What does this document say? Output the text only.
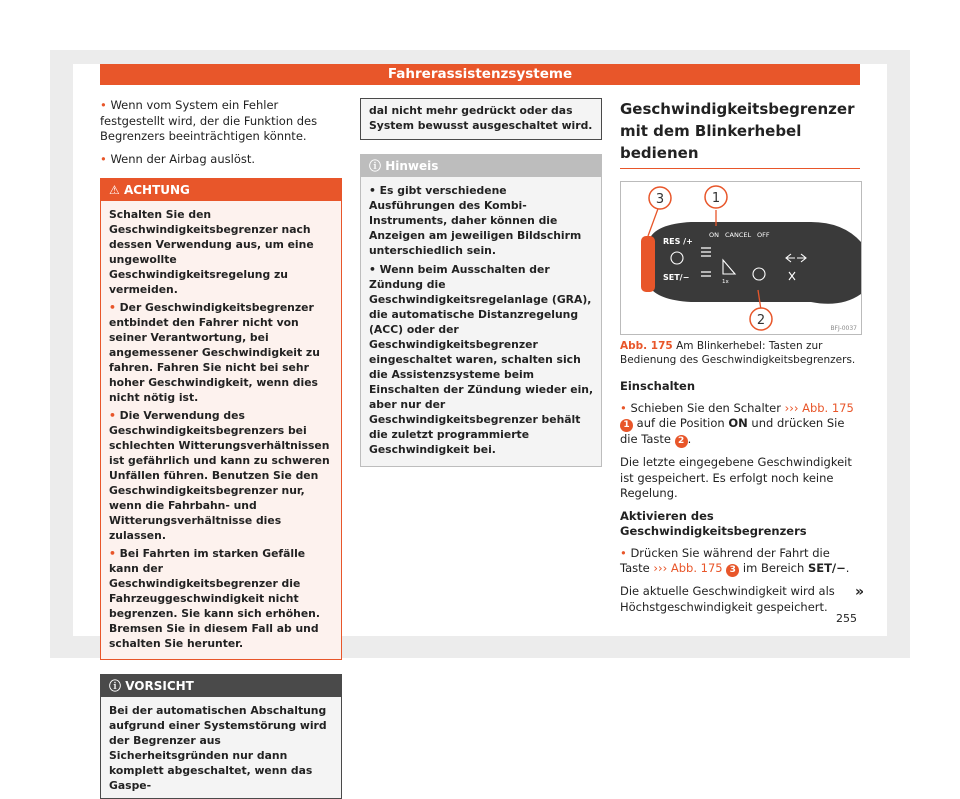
Fahrerassistenzsysteme

• Wenn vom System ein Fehler festgestellt wird, der die Funktion des Begrenzers beeinträchtigen könnte.

• Wenn der Airbag auslöst.

⚠ ACHTUNG

Schalten Sie den Geschwindigkeitsbegrenzer nach dessen Verwendung aus, um eine ungewollte Geschwindigkeitsregelung zu vermeiden.

• Der Geschwindigkeitsbegrenzer entbindet den Fahrer nicht von seiner Verantwortung, bei angemessener Geschwindigkeit zu fahren. Fahren Sie nicht bei sehr hoher Geschwindigkeit, wenn dies nicht nötig ist.

• Die Verwendung des Geschwindigkeitsbegrenzers bei schlechten Witterungsverhältnissen ist gefährlich und kann zu schweren Unfällen führen. Benutzen Sie den Geschwindigkeitsbegrenzer nur, wenn die Fahrbahn- und Witterungsverhältnisse dies zulassen.

• Bei Fahrten im starken Gefälle kann der Geschwindigkeitsbegrenzer die Fahrzeuggeschwindigkeit nicht begrenzen. Sie kann sich erhöhen. Bremsen Sie in diesem Fall ab und schalten Sie herunter.

ⓘ VORSICHT
Bei der automatischen Abschaltung aufgrund einer Systemstörung wird der Begrenzer aus Sicherheitsgründen nur dann komplett abgeschaltet, wenn das Gaspe-
dal nicht mehr gedrückt oder das System bewusst ausgeschaltet wird.
ⓘ Hinweis

• Es gibt verschiedene Ausführungen des Kombi-Instruments, daher können die Anzeigen am jeweiligen Bildschirm unterschiedlich sein.

• Wenn beim Ausschalten der Zündung die Geschwindigkeitsregelanlage (GRA), die automatische Distanzregelung (ACC) oder der Geschwindigkeitsbegrenzer eingeschaltet waren, schalten sich die Assistenzsysteme beim Einschalten der Zündung wieder ein, aber nur der Geschwindigkeitsbegrenzer behält die zuletzt programmierte Geschwindigkeit bei.

Geschwindigkeitsbegrenzer mit dem Blinkerhebel bedienen
RES /+
SET/−
ON CANCEL OFF
1x
1
3
2
BFJ-0037
Abb. 175 Am Blinkerhebel: Tasten zur Bedienung des Geschwindigkeitsbegrenzers.

Einschalten

• Schieben Sie den Schalter ››› Abb. 175 1 auf die Position ON und drücken Sie die Taste 2 .

Die letzte eingegebene Geschwindigkeit ist gespeichert. Es erfolgt noch keine Regelung.

Aktivieren des Geschwindigkeitsbegrenzers

• Drücken Sie während der Fahrt die Taste ››› Abb. 175 3 im Bereich SET/−.

Die aktuelle Geschwindigkeit wird als Höchstgeschwindigkeit gespeichert.

»
255
